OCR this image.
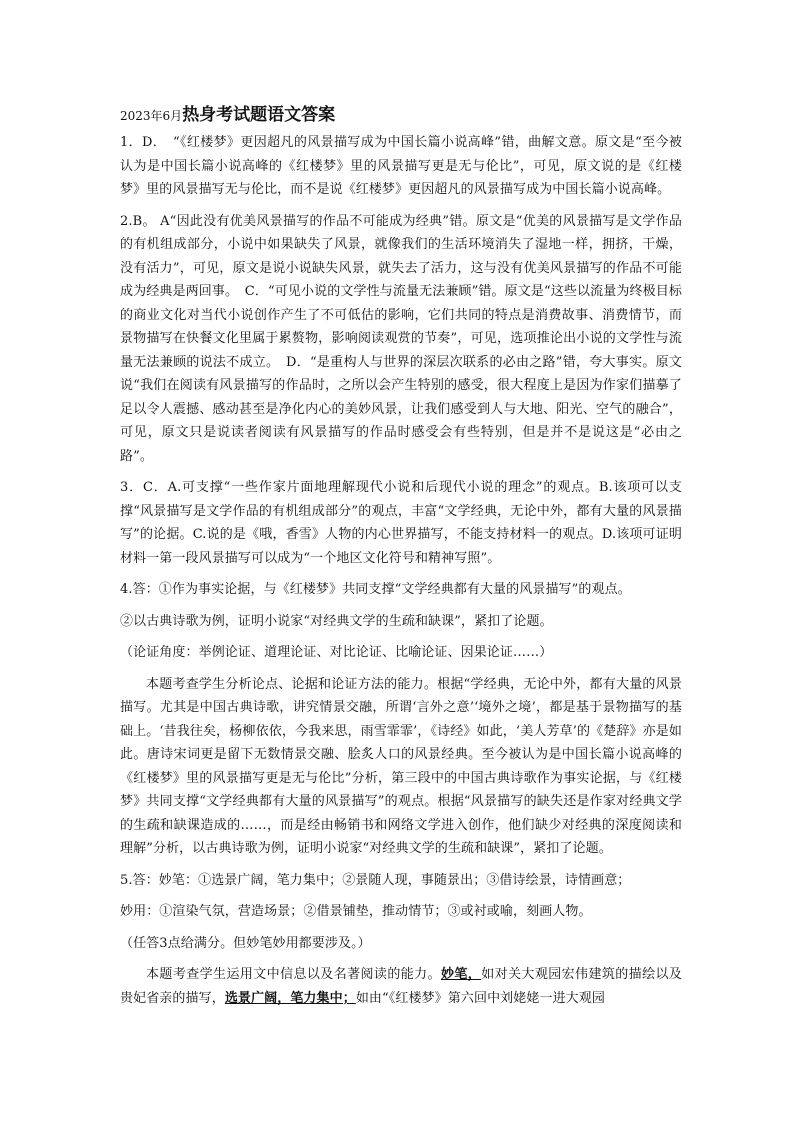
2023年6月热身考试题语文答案

1．D．　“《红楼梦》更因超凡的风景描写成为中国长篇小说高峰”错，曲解文意。原文是“至今被认为是中国长篇小说高峰的《红楼梦》里的风景描写更是无与伦比”，可见，原文说的是《红楼梦》里的风景描写无与伦比，而不是说《红楼梦》更因超凡的风景描写成为中国长篇小说高峰。

2.B。 A“因此没有优美风景描写的作品不可能成为经典”错。原文是“优美的风景描写是文学作品的有机组成部分，小说中如果缺失了风景，就像我们的生活环境消失了湿地一样，拥挤，干燥，没有活力”，可见，原文是说小说缺失风景，就失去了活力，这与没有优美风景描写的作品不可能成为经典是两回事。　C．“可见小说的文学性与流量无法兼顾”错。原文是“这些以流量为终极目标的商业文化对当代小说创作产生了不可低估的影响，它们共同的特点是消费故事、消费情节，而景物描写在快餐文化里属于累赘物，影响阅读观赏的节奏”，可见，选项推论出小说的文学性与流量无法兼顾的说法不成立。　D．“是重构人与世界的深层次联系的必由之路”错，夸大事实。原文说“我们在阅读有风景描写的作品时，之所以会产生特别的感受，很大程度上是因为作家们描摹了足以令人震撼、感动甚至是净化内心的美妙风景，让我们感受到人与大地、阳光、空气的融合”，可见，原文只是说读者阅读有风景描写的作品时感受会有些特别，但是并不是说这是“必由之路”。

3．C．A.可支撑“一些作家片面地理解现代小说和后现代小说的理念”的观点。B.该项可以支撑“风景描写是文学作品的有机组成部分”的观点，丰富“文学经典，无论中外，都有大量的风景描写”的论据。C.说的是《哦，香雪》人物的内心世界描写，不能支持材料一的观点。D.该项可证明材料一第一段风景描写可以成为“一个地区文化符号和精神写照”。

4.答：①作为事实论据，与《红楼梦》共同支撑“文学经典都有大量的风景描写”的观点。

②以古典诗歌为例，证明小说家“对经典文学的生疏和缺课”，紧扣了论题。

（论证角度：举例论证、道理论证、对比论证、比喻论证、因果论证……）

本题考查学生分析论点、论据和论证方法的能力。根据“学经典，无论中外，都有大量的风景描写。尤其是中国古典诗歌，讲究情景交融，所谓‘言外之意’‘境外之境’，都是基于景物描写的基础上。‘昔我往矣，杨柳依依，今我来思，雨雪霏霏’，《诗经》如此，‘美人芳草’的《楚辞》亦是如此。唐诗宋词更是留下无数情景交融、脍炙人口的风景经典。至今被认为是中国长篇小说高峰的《红楼梦》里的风景描写更是无与伦比”分析，第三段中的中国古典诗歌作为事实论据，与《红楼梦》共同支撑“文学经典都有大量的风景描写”的观点。根据“风景描写的缺失还是作家对经典文学的生疏和缺课造成的……，而是经由畅销书和网络文学进入创作，他们缺少对经典的深度阅读和理解”分析，以古典诗歌为例，证明小说家“对经典文学的生疏和缺课”，紧扣了论题。

5.答：妙笔：①选景广阔，笔力集中；②景随人现，事随景出；③借诗绘景，诗情画意；

妙用：①渲染气氛，营造场景；②借景铺垫，推动情节；③或衬或喻，刻画人物。

（任答3点给满分。但妙笔妙用都要涉及。）

本题考查学生运用文中信息以及名著阅读的能力。妙笔，如对关大观园宏伟建筑的描绘以及贵妃省亲的描写，选景广阔，笔力集中；如由“《红楼梦》第六回中刘姥姥一进大观园
